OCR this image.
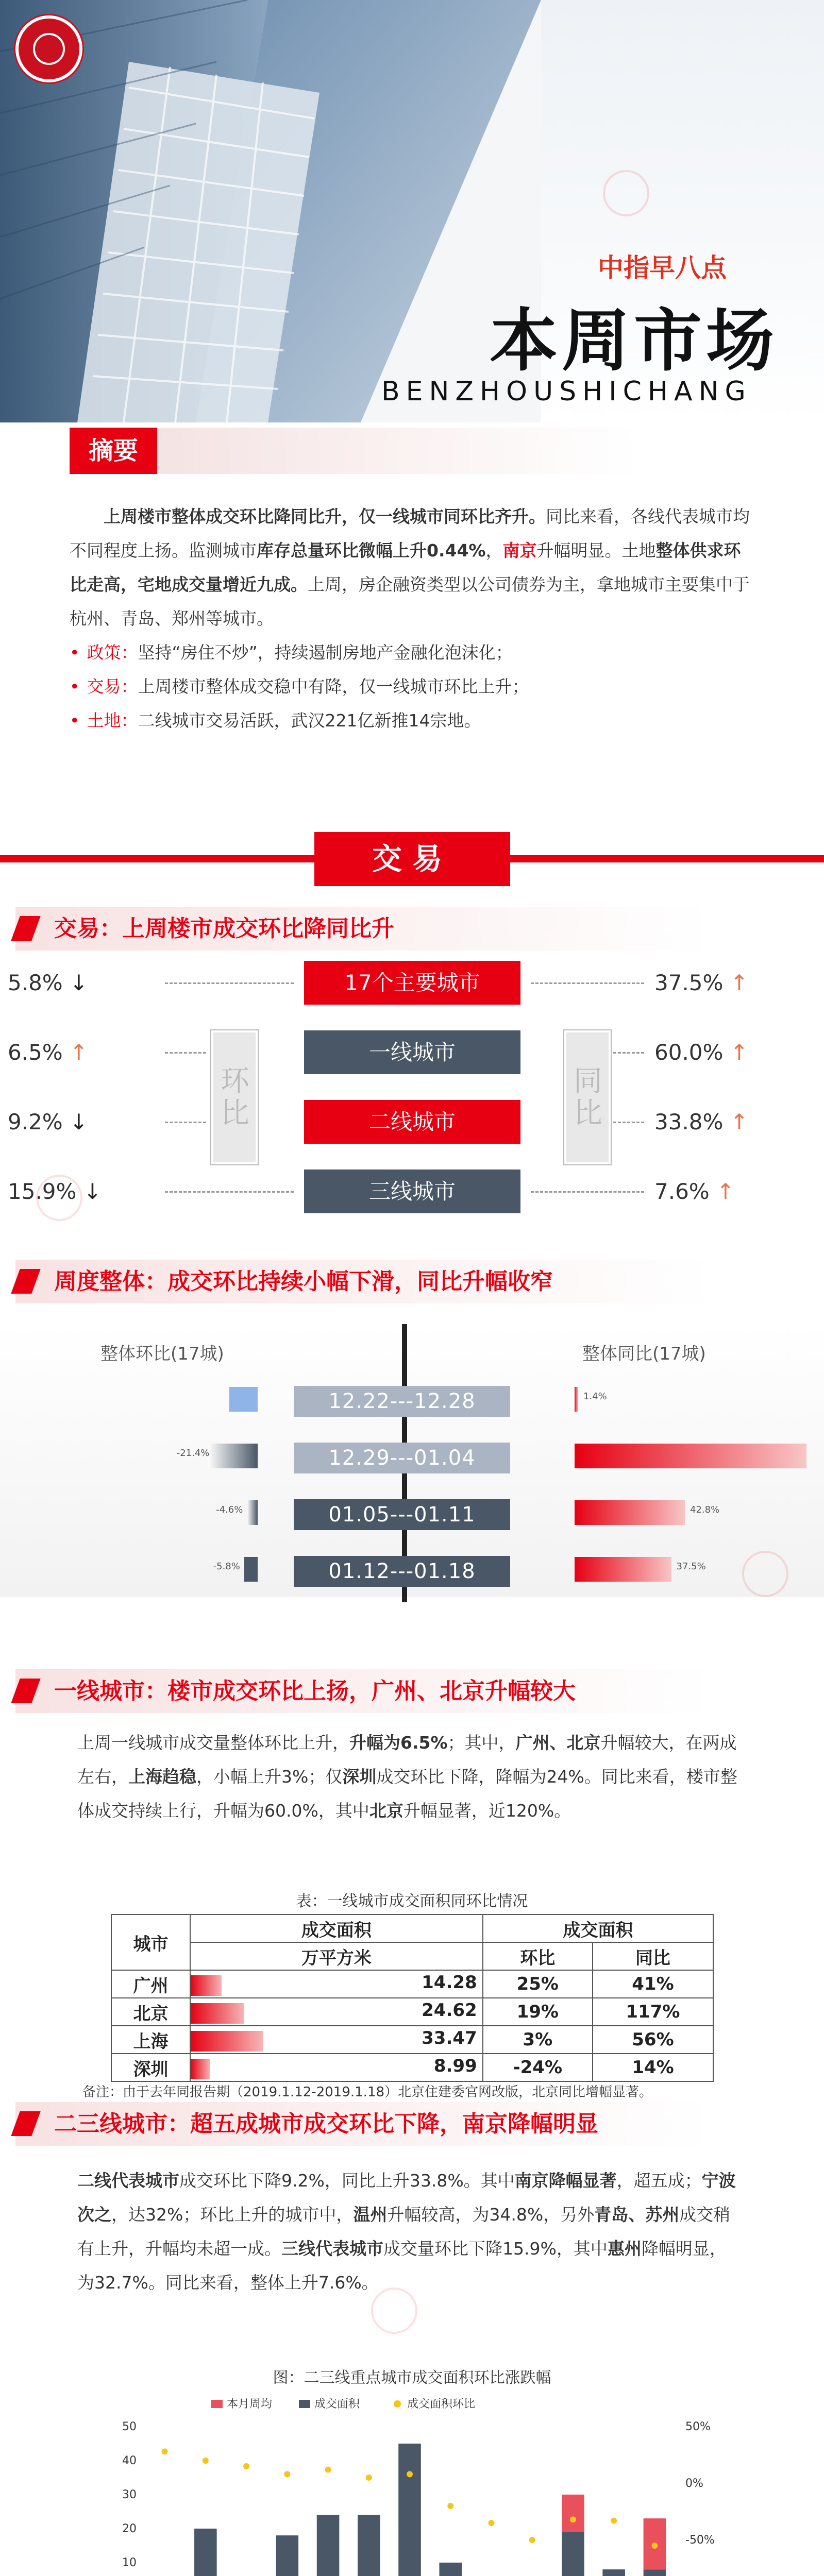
中指早八点
本周市场
BENZHOUSHICHANG
摘要

上周楼市整体成交环比降同比升，仅一线城市同环比齐升。同比来看，各线代表城市均不同程度上扬。监测城市库存总量环比微幅上升0.44%，南京升幅明显。土地整体供求环比走高，宅地成交量增近九成。上周，房企融资类型以公司债券为主，拿地城市主要集中于杭州、青岛、郑州等城市。

• 政策：坚持“房住不炒”，持续遏制房地产金融化泡沫化；
• 交易：上周楼市整体成交稳中有降，仅一线城市环比上升；
• 土地：二线城市交易活跃，武汉221亿新推14宗地。
交易
交易：上周楼市成交环比降同比升
环比	同比
5.8% ↓	17个主要城市	37.5% ↑
6.5% ↑	一线城市	60.0% ↑
9.2% ↓	二线城市	33.8% ↑
15.9% ↓	三线城市	7.6% ↑
周度整体：成交环比持续小幅下滑，同比升幅收窄
整体环比(17城)	整体同比(17城)
12.22---12.28	1.4%
-21.4%	12.29---01.04
-4.6%	01.05---01.11	42.8%
-5.8%	01.12---01.18	37.5%
一线城市：楼市成交环比上扬，广州、北京升幅较大
上周一线城市成交量整体环比上升，升幅为6.5%；其中，广州、北京升幅较大，在两成左右，上海趋稳，小幅上升3%；仅深圳成交环比下降，降幅为24%。同比来看，楼市整体成交持续上行，升幅为60.0%，其中北京升幅显著，近120%。
表：一线城市成交面积同环比情况
城市	成交面积	成交面积	
	万平方米	环比	同比
广州	14.28	25%	41%
北京	24.62	19%	117%
上海	33.47	3%	56%
深圳	8.99	-24%	14%
备注：由于去年同报告期（2019.1.12-2019.1.18）北京住建委官网改版，北京同比增幅显著。
二三线城市：超五成城市成交环比下降，南京降幅明显
二线代表城市成交环比下降9.2%，同比上升33.8%。其中南京降幅显著，超五成；宁波次之，达32%；环比上升的城市中，温州升幅较高，为34.8%，另外青岛、苏州成交稍有上升，升幅均未超一成。三线代表城市成交量环比下降15.9%，其中惠州降幅明显，为32.7%。同比来看，整体上升7.6%。
图：二三线重点城市成交面积环比涨跌幅
本月周均	成交面积	成交面积环比
50
40
30
20
10
50%
0%
-50%
